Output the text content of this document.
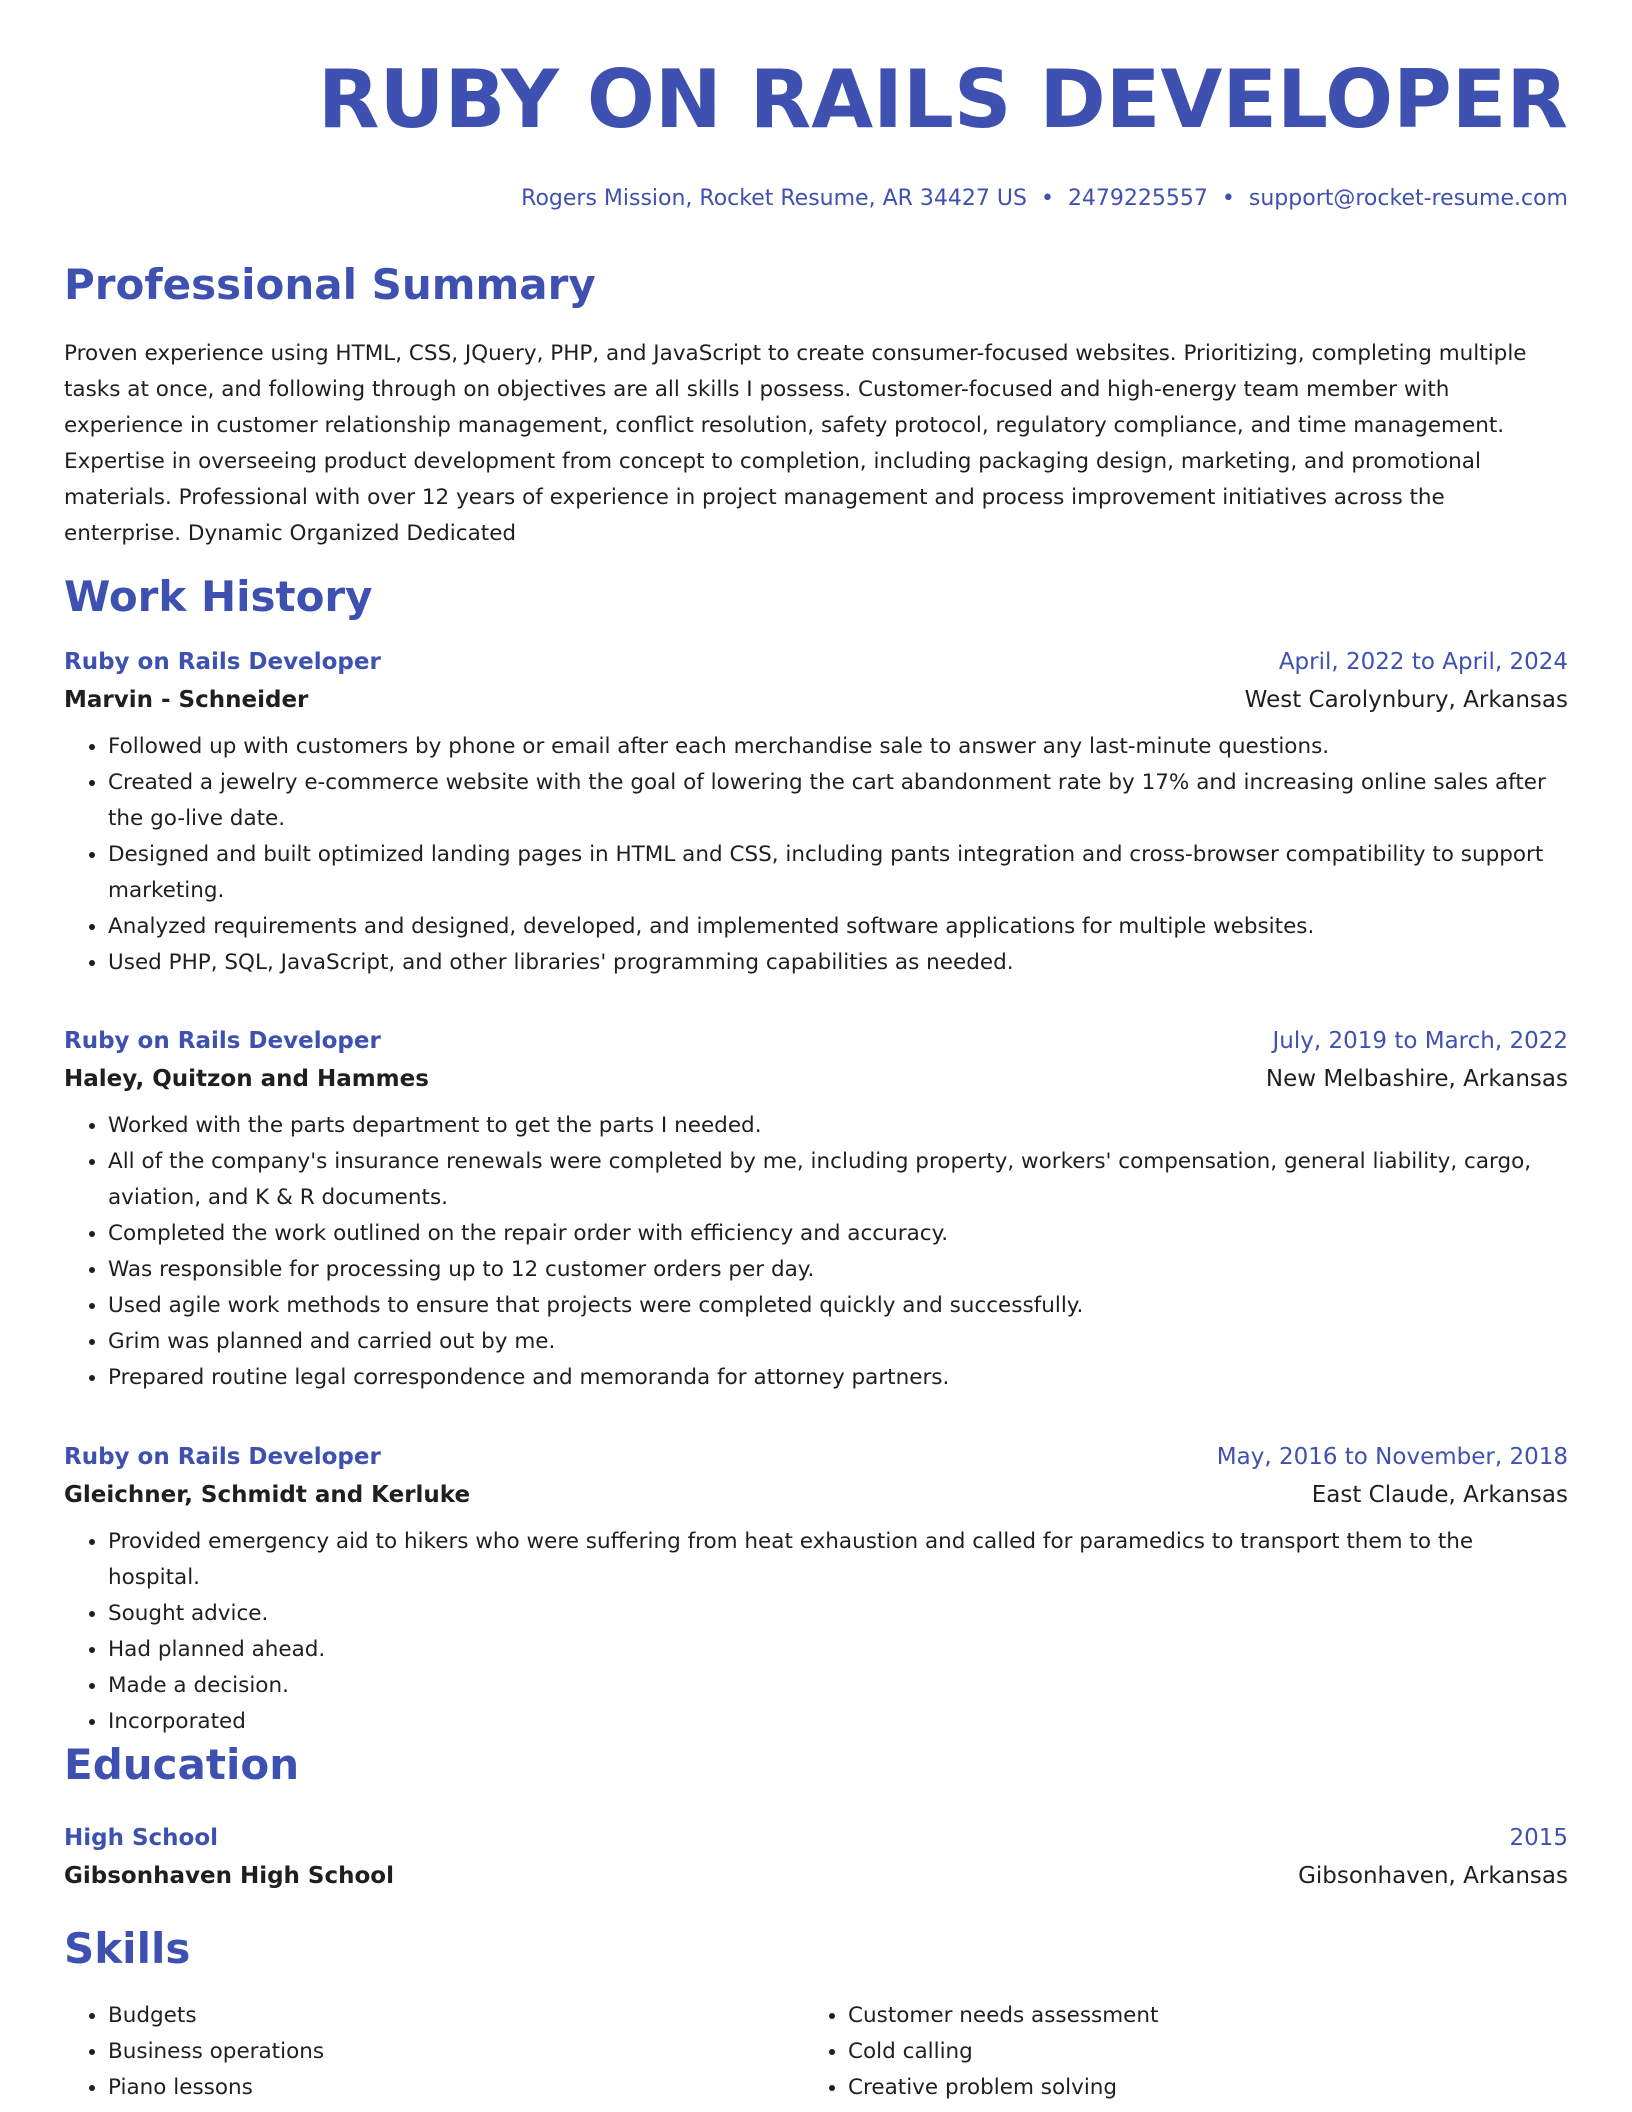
RUBY ON RAILS DEVELOPER
Rogers Mission, Rocket Resume, AR 34427 US • 2479225557 • support@rocket-resume.com
Professional Summary

Proven experience using HTML, CSS, JQuery, PHP, and JavaScript to create consumer-focused websites. Prioritizing, completing multiple tasks at once, and following through on objectives are all skills I possess. Customer-focused and high-energy team member with experience in customer relationship management, conflict resolution, safety protocol, regulatory compliance, and time management. Expertise in overseeing product development from concept to completion, including packaging design, marketing, and promotional materials. Professional with over 12 years of experience in project management and process improvement initiatives across the enterprise. Dynamic Organized Dedicated

Work History
Ruby on Rails Developer	April, 2022 to April, 2024
Marvin - Schneider	West Carolynbury, Arkansas
• Followed up with customers by phone or email after each merchandise sale to answer any last-minute questions.
• Created a jewelry e-commerce website with the goal of lowering the cart abandonment rate by 17% and increasing online sales after the go-live date.
• Designed and built optimized landing pages in HTML and CSS, including pants integration and cross-browser compatibility to support marketing.
• Analyzed requirements and designed, developed, and implemented software applications for multiple websites.
• Used PHP, SQL, JavaScript, and other libraries' programming capabilities as needed.
Ruby on Rails Developer	July, 2019 to March, 2022
Haley, Quitzon and Hammes	New Melbashire, Arkansas
• Worked with the parts department to get the parts I needed.
• All of the company's insurance renewals were completed by me, including property, workers' compensation, general liability, cargo, aviation, and K & R documents.
• Completed the work outlined on the repair order with efficiency and accuracy.
• Was responsible for processing up to 12 customer orders per day.
• Used agile work methods to ensure that projects were completed quickly and successfully.
• Grim was planned and carried out by me.
• Prepared routine legal correspondence and memoranda for attorney partners.
Ruby on Rails Developer	May, 2016 to November, 2018
Gleichner, Schmidt and Kerluke	East Claude, Arkansas
• Provided emergency aid to hikers who were suffering from heat exhaustion and called for paramedics to transport them to the hospital.
• Sought advice.
• Had planned ahead.
• Made a decision.
• Incorporated
Education
High School	2015
Gibsonhaven High School	Gibsonhaven, Arkansas
Skills
• Budgets
• Business operations
• Piano lessons
• Customer needs assessment
• Cold calling
• Creative problem solving
